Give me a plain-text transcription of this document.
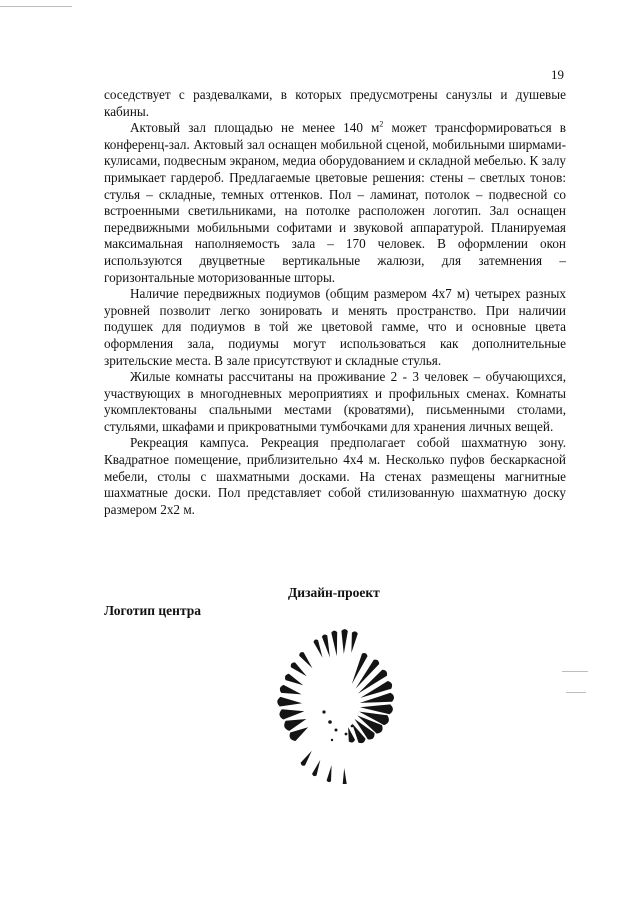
19

соседствует с раздевалками, в которых предусмотрены санузлы и душевые кабины.

Актовый зал площадью не менее 140 $м^2$ может трансформироваться в конференц-зал. Актовый зал оснащен мобильной сценой, мобильными ширмами-кулисами, подвесным экраном, медиа оборудованием и складной мебелью. К залу примыкает гардероб. Предлагаемые цветовые решения: стены – светлых тонов: стулья – складные, темных оттенков. Пол – ламинат, потолок – подвесной со встроенными светильниками, на потолке расположен логотип. Зал оснащен передвижными мобильными софитами и звуковой аппаратурой. Планируемая максимальная наполняемость зала – 170 человек. В оформлении окон используются двуцветные вертикальные жалюзи, для затемнения – горизонтальные моторизованные шторы.

Наличие передвижных подиумов (общим размером 4х7 м) четырех разных уровней позволит легко зонировать и менять пространство. При наличии подушек для подиумов в той же цветовой гамме, что и основные цвета оформления зала, подиумы могут использоваться как дополнительные зрительские места. В зале присутствуют и складные стулья.

Жилые комнаты рассчитаны на проживание 2 - 3 человек – обучающихся, участвующих в многодневных мероприятиях и профильных сменах. Комнаты укомплектованы спальными местами (кроватями), письменными столами, стульями, шкафами и прикроватными тумбочками для хранения личных вещей.

Рекреация кампуса. Рекреация предполагает собой шахматную зону. Квадратное помещение, приблизительно 4х4 м. Несколько пуфов бескаркасной мебели, столы с шахматными досками. На стенах размещены магнитные шахматные доски. Пол представляет собой стилизованную шахматную доску размером 2х2 м.

Дизайн-проект
Логотип центра
